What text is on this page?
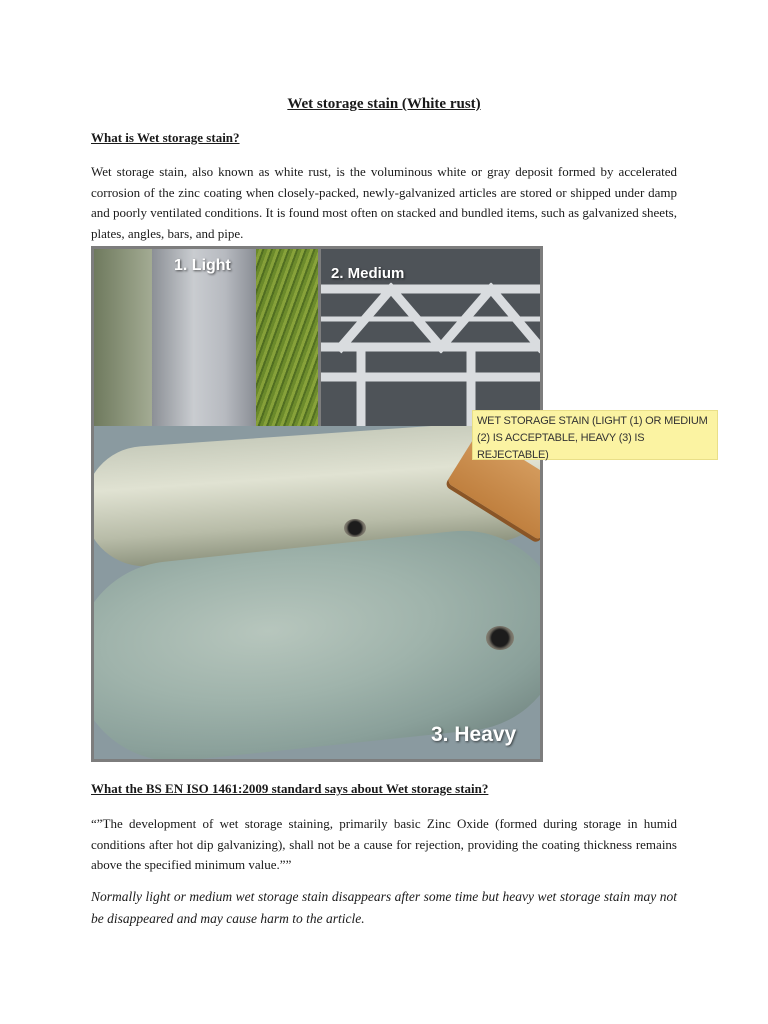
Wet storage stain (White rust)
What is Wet storage stain?
Wet storage stain, also known as white rust, is the voluminous white or gray deposit formed by accelerated corrosion of the zinc coating when closely-packed, newly-galvanized articles are stored or shipped under damp and poorly ventilated conditions. It is found most often on stacked and bundled items, such as galvanized sheets, plates, angles, bars, and pipe.
1. Light	2. Medium
3. Heavy
WET STORAGE STAIN (LIGHT (1) OR MEDIUM
(2) IS ACCEPTABLE, HEAVY (3) IS REJECTABLE)
What the BS EN ISO 1461:2009 standard says about Wet storage stain?
“”The development of wet storage staining, primarily basic Zinc Oxide (formed during storage in humid conditions after hot dip galvanizing), shall not be a cause for rejection, providing the coating thickness remains above the specified minimum value.””
Normally light or medium wet storage stain disappears after some time but heavy wet storage stain may not be disappeared and may cause harm to the article.
